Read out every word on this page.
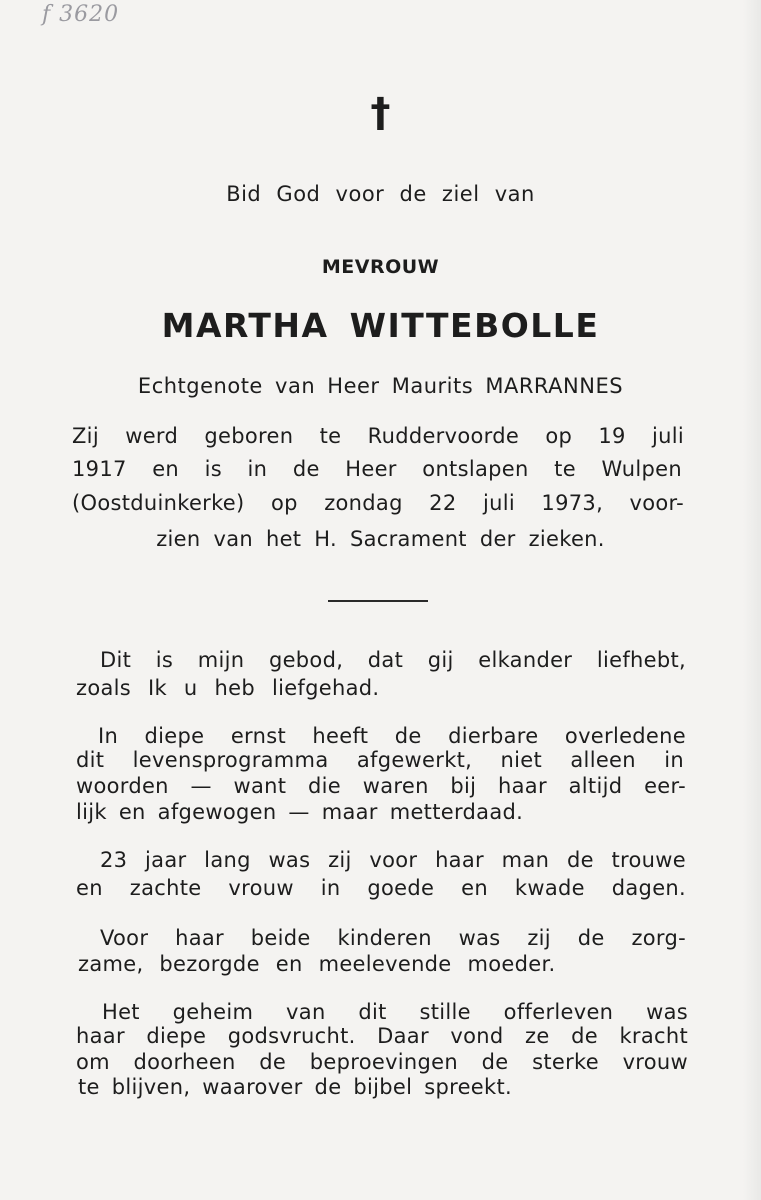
f 3620
†
Bid God voor de ziel van
MEVROUW
MARTHA WITTEBOLLE
Echtgenote van Heer Maurits MARRANNES
Zij werd geboren te Ruddervoorde op 19 juli
1917 en is in de Heer ontslapen te Wulpen
(Oostduinkerke) op zondag 22 juli 1973, voor-
zien van het H. Sacrament der zieken.
Dit is mijn gebod, dat gij elkander liefhebt,
zoals Ik u heb liefgehad.
In diepe ernst heeft de dierbare overledene
dit levensprogramma afgewerkt, niet alleen in
woorden — want die waren bij haar altijd eer-
lijk en afgewogen — maar metterdaad.
23 jaar lang was zij voor haar man de trouwe
en zachte vrouw in goede en kwade dagen.
Voor haar beide kinderen was zij de zorg-
zame, bezorgde en meelevende moeder.
Het geheim van dit stille offerleven was
haar diepe godsvrucht. Daar vond ze de kracht
om doorheen de beproevingen de sterke vrouw
te blijven, waarover de bijbel spreekt.
